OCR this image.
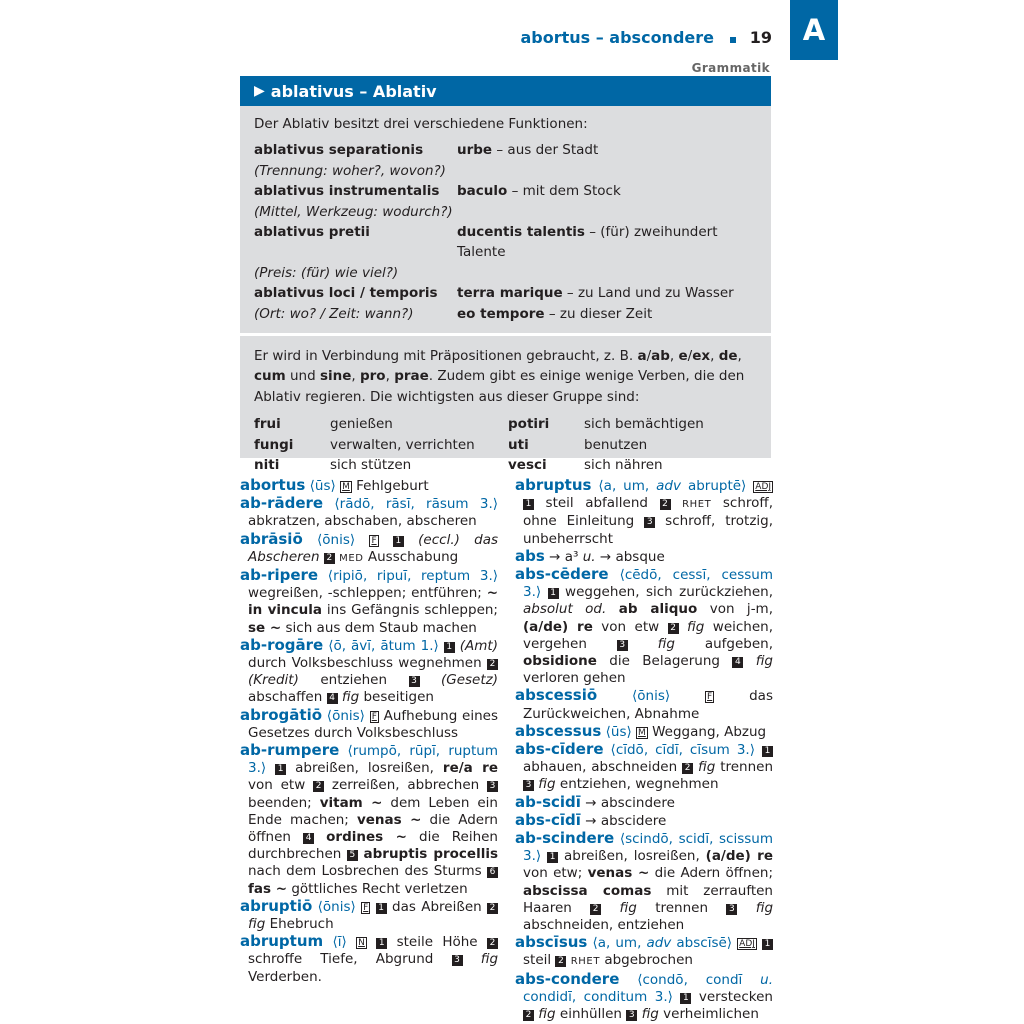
abortus – abscondere 19	A
Grammatik
▶ ablativus – Ablativ
Der Ablativ besitzt drei verschiedene Funktionen:
ablativus separationis	urbe – aus der Stadt
(Trennung: woher?, wovon?)
ablativus instrumentalis	baculo – mit dem Stock
(Mittel, Werkzeug: wodurch?)
ablativus pretii	ducentis talentis – (für) zweihundert Talente
(Preis: (für) wie viel?)
ablativus loci / temporis	terra marique – zu Land und zu Wasser
(Ort: wo? / Zeit: wann?)	eo tempore – zu dieser Zeit
Er wird in Verbindung mit Präpositionen gebraucht, z. B. a/ab, e/ex, de, cum und sine, pro, prae. Zudem gibt es einige wenige Verben, die den Ablativ regieren. Die wichtigsten aus dieser Gruppe sind:
frui	genießen	potiri	sich bemächtigen
fungi	verwalten, verrichten	uti	benutzen
niti	sich stützen	vesci	sich nähren
abortus ⟨ūs⟩ M Fehlgeburt
ab-rādere ⟨rādō, rāsī, rāsum 3.⟩ abkratzen, abschaben, abscheren
abrāsiō ⟨ōnis⟩ F 1 (eccl.) das Abscheren 2 MED Ausschabung
ab-ripere ⟨ripiō, ripuī, reptum 3.⟩ wegreißen, -schleppen; entführen; ~ in vincula ins Gefängnis schleppen; se ~ sich aus dem Staub machen
ab-rogāre ⟨ō, āvī, ātum 1.⟩ 1 (Amt) durch Volksbeschluss wegnehmen 2 (Kredit) entziehen	3 (Gesetz) abschaffen 4 fig beseitigen
abrogātiō ⟨ōnis⟩ F Aufhebung eines Gesetzes durch Volksbeschluss
ab-rumpere ⟨rumpō, rūpī, ruptum 3.⟩ 1 abreißen, losreißen, re/a re von etw 2 zerreißen, abbrechen 3 beenden; vitam ~ dem Leben ein Ende machen; venas ~ die Adern öffnen 4 ordines ~ die Reihen durchbrechen 5 abruptis procellis nach dem Losbrechen des Sturms 6 fas ~ göttliches Recht verletzen
abruptiō ⟨ōnis⟩ F 1 das Abreißen 2 fig Ehebruch
abruptum ⟨ī⟩ N 1 steile Höhe 2 schroffe Tiefe, Abgrund 3 fig Verderben.
abruptus ⟨a, um, adv abruptē⟩ ADJ 1 steil abfallend 2 RHET schroff, ohne Einleitung 3 schroff, trotzig, unbeherrscht
abs → a³ u. → absque
abs-cēdere ⟨cēdō, cessī, cessum 3.⟩ 1 weggehen, sich zurückziehen, absolut od. ab aliquo von j-m, (a/de) re von etw 2 fig weichen, vergehen	3 fig aufgeben, obsidione die Belagerung 4 fig verloren gehen
abscessiō	⟨ōnis⟩	F	das Zurückweichen, Abnahme
abscessus ⟨ūs⟩ M Weggang, Abzug
abs-cīdere ⟨cīdō, cīdī, cīsum 3.⟩ 1 abhauen, abschneiden 2 fig trennen 3 fig entziehen, wegnehmen
ab-scidī → abscindere
abs-cīdī → abscidere
ab-scindere ⟨scindō, scidī, scissum 3.⟩ 1 abreißen, losreißen, (a/de) re von etw; venas ~ die Adern öffnen; abscissa comas mit zerrauften Haaren 2 fig trennen 3 fig abschneiden, entziehen
abscīsus ⟨a, um, adv abscīsē⟩ ADJ 1 steil 2 RHET abgebrochen
abs-condere ⟨condō, condī u. condidī, conditum 3.⟩ 1 verstecken 2 fig einhüllen 3 fig verheimlichen
